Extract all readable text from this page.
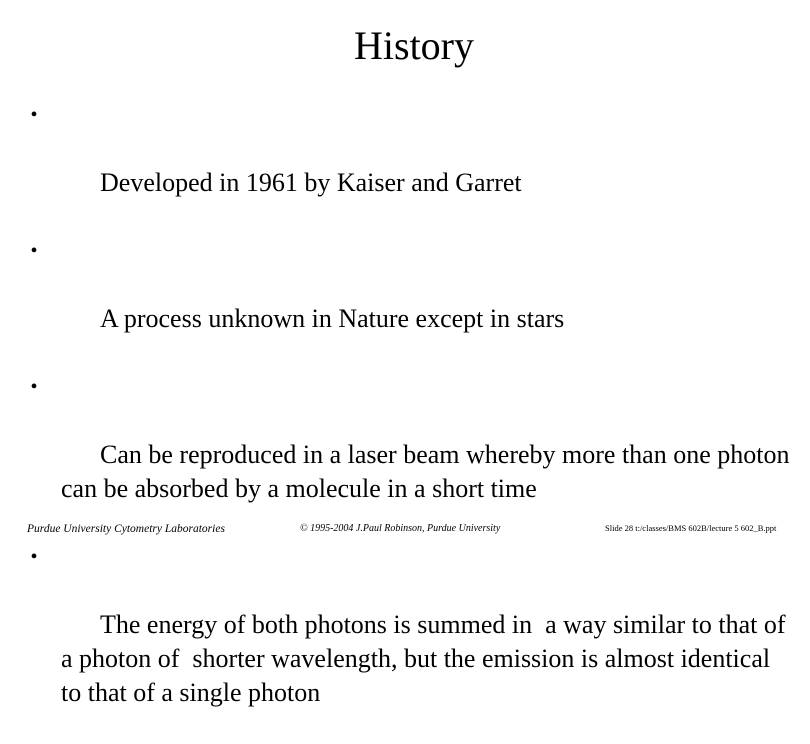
History

•

Developed in 1961 by Kaiser and Garret

•

A process unknown in Nature except in stars

•

Can be reproduced in a laser beam whereby more than one photon can be absorbed by a molecule in a short time

•

The energy of both photons is summed in  a way similar to that of a photon of  shorter wavelength, but the emission is almost identical to that of a single photon

Purdue University Cytometry Laboratories	© 1995-2004 J.Paul Robinson, Purdue University	Slide 28 t:/classes/BMS 602B/lecture 5 602_B.ppt
